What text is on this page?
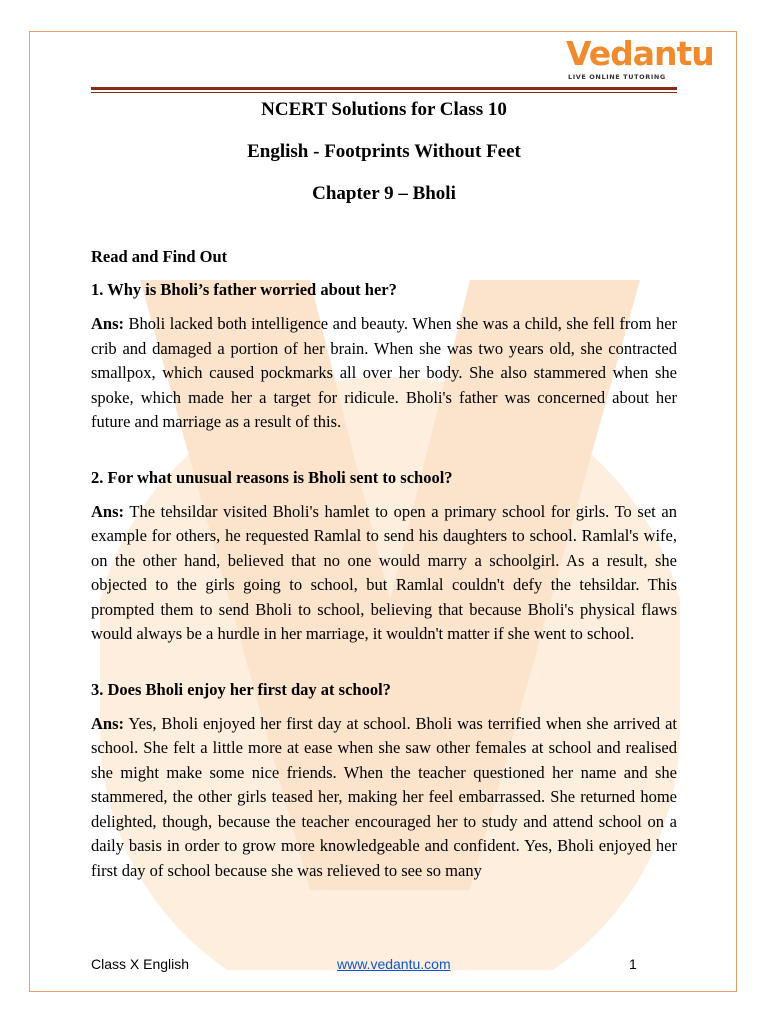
Vedantu
LIVE ONLINE TUTORING

NCERT Solutions for Class 10

English - Footprints Without Feet

Chapter 9 – Bholi

Read and Find Out

1. Why is Bholi’s father worried about her?

Ans: Bholi lacked both intelligence and beauty. When she was a child, she fell from her crib and damaged a portion of her brain. When she was two years old, she contracted smallpox, which caused pockmarks all over her body. She also stammered when she spoke, which made her a target for ridicule. Bholi's father was concerned about her future and marriage as a result of this.

2. For what unusual reasons is Bholi sent to school?

Ans: The tehsildar visited Bholi's hamlet to open a primary school for girls. To set an example for others, he requested Ramlal to send his daughters to school. Ramlal's wife, on the other hand, believed that no one would marry a schoolgirl. As a result, she objected to the girls going to school, but Ramlal couldn't defy the tehsildar. This prompted them to send Bholi to school, believing that because Bholi's physical flaws would always be a hurdle in her marriage, it wouldn't matter if she went to school.

3. Does Bholi enjoy her first day at school?

Ans: Yes, Bholi enjoyed her first day at school. Bholi was terrified when she arrived at school. She felt a little more at ease when she saw other females at school and realised she might make some nice friends. When the teacher questioned her name and she stammered, the other girls teased her, making her feel embarrassed. She returned home delighted, though, because the teacher encouraged her to study and attend school on a daily basis in order to grow more knowledgeable and confident. Yes, Bholi enjoyed her first day of school because she was relieved to see so many

Class X English	www.vedantu.com	1
